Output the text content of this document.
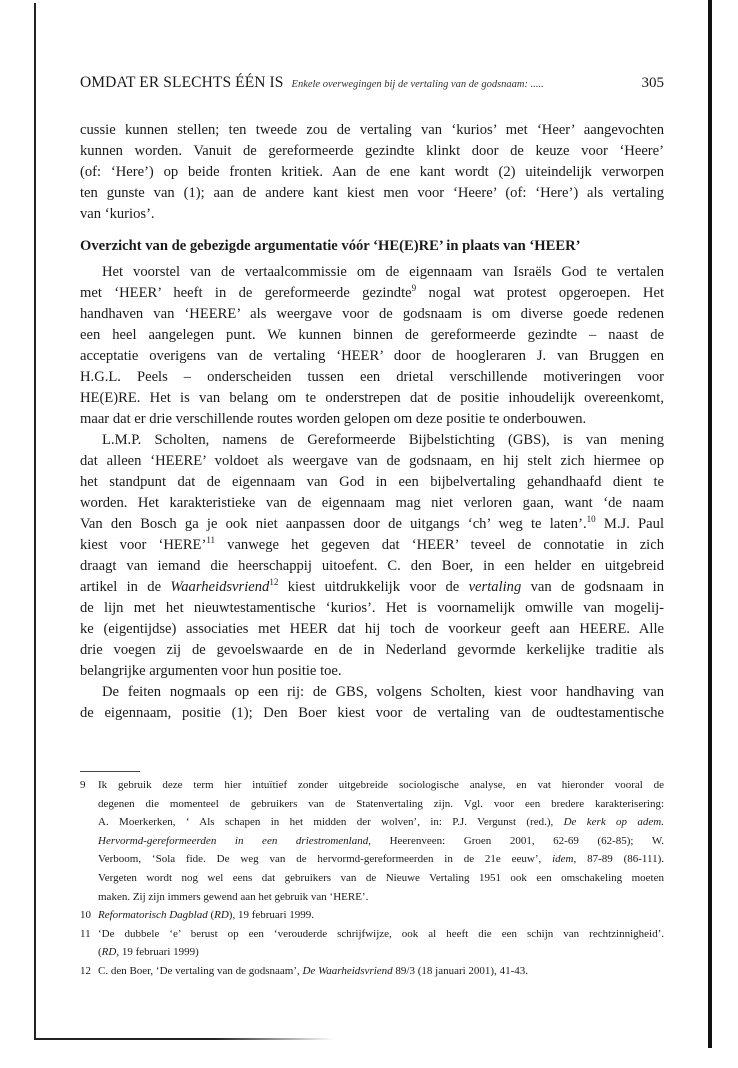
OMDAT ER SLECHTS ÉÉN IS Enkele overwegingen bij de vertaling van de godsnaam: .....	305
cussie kunnen stellen; ten tweede zou de vertaling van ‘kurios’ met ‘Heer’ aangevochten
kunnen worden. Vanuit de gereformeerde gezindte klinkt door de keuze voor ‘Heere’
(of: ‘Here’) op beide fronten kritiek. Aan de ene kant wordt (2) uiteindelijk verworpen
ten gunste van (1); aan de andere kant kiest men voor ‘Heere’ (of: ‘Here’) als vertaling
van ‘kurios’.
Overzicht van de gebezigde argumentatie vóór ‘HE(E)RE’ in plaats van ‘HEER’
Het voorstel van de vertaalcommissie om de eigennaam van Israëls God te vertalen
met ‘HEER’ heeft in de gereformeerde gezindte$^9$ nogal wat protest opgeroepen. Het
handhaven van ‘HEERE’ als weergave voor de godsnaam is om diverse goede redenen
een heel aangelegen punt. We kunnen binnen de gereformeerde gezindte – naast de
acceptatie overigens van de vertaling ‘HEER’ door de hoogleraren J. van Bruggen en
H.G.L. Peels – onderscheiden tussen een drietal verschillende motiveringen voor
HE(E)RE. Het is van belang om te onderstrepen dat de positie inhoudelijk overeenkomt,
maar dat er drie verschillende routes worden gelopen om deze positie te onderbouwen.
L.M.P. Scholten, namens de Gereformeerde Bijbelstichting (GBS), is van mening
dat alleen ‘HEERE’ voldoet als weergave van de godsnaam, en hij stelt zich hiermee op
het standpunt dat de eigennaam van God in een bijbelvertaling gehandhaafd dient te
worden. Het karakteristieke van de eigennaam mag niet verloren gaan, want ‘de naam
Van den Bosch ga je ook niet aanpassen door de uitgangs ‘ch’ weg te laten’.$^{10}$ M.J. Paul
kiest voor ‘HERE’$^{11}$ vanwege het gegeven dat ‘HEER’ teveel de connotatie in zich
draagt van iemand die heerschappij uitoefent. C. den Boer, in een helder en uitgebreid
artikel in de Waarheidsvriend$^{12}$ kiest uitdrukkelijk voor de vertaling van de godsnaam in
de lijn met het nieuwtestamentische ‘kurios’. Het is voornamelijk omwille van mogelij-
ke (eigentijdse) associaties met HEER dat hij toch de voorkeur geeft aan HEERE. Alle
drie voegen zij de gevoelswaarde en de in Nederland gevormde kerkelijke traditie als
belangrijke argumenten voor hun positie toe.
De feiten nogmaals op een rij: de GBS, volgens Scholten, kiest voor handhaving van
de eigennaam, positie (1); Den Boer kiest voor de vertaling van de oudtestamentische
9	Ik gebruik deze term hier intuïtief zonder uitgebreide sociologische analyse, en vat hieronder vooral de
degenen die momenteel de gebruikers van de Statenvertaling zijn. Vgl. voor een bredere karakterisering:
A. Moerkerken, ‘ Als schapen in het midden der wolven’, in: P.J. Vergunst (red.), De kerk op adem.
Hervormd-gereformeerden in een driestromenland, Heerenveen: Groen 2001, 62-69 (62-85); W.
Verboom, ‘Sola fide. De weg van de hervormd-gereformeerden in de 21e eeuw’, idem, 87-89 (86-111).
Vergeten wordt nog wel eens dat gebruikers van de Nieuwe Vertaling 1951 ook een omschakeling moeten
maken. Zij zijn immers gewend aan het gebruik van ‘HERE’.
10 Reformatorisch Dagblad (RD), 19 februari 1999.
11 ‘De dubbele ‘e’ berust op een ‘verouderde schrijfwijze, ook al heeft die een schijn van rechtzinnigheid’.
(RD, 19 februari 1999)
12 C. den Boer, ‘De vertaling van de godsnaam’, De Waarheidsvriend 89/3 (18 januari 2001), 41-43.
